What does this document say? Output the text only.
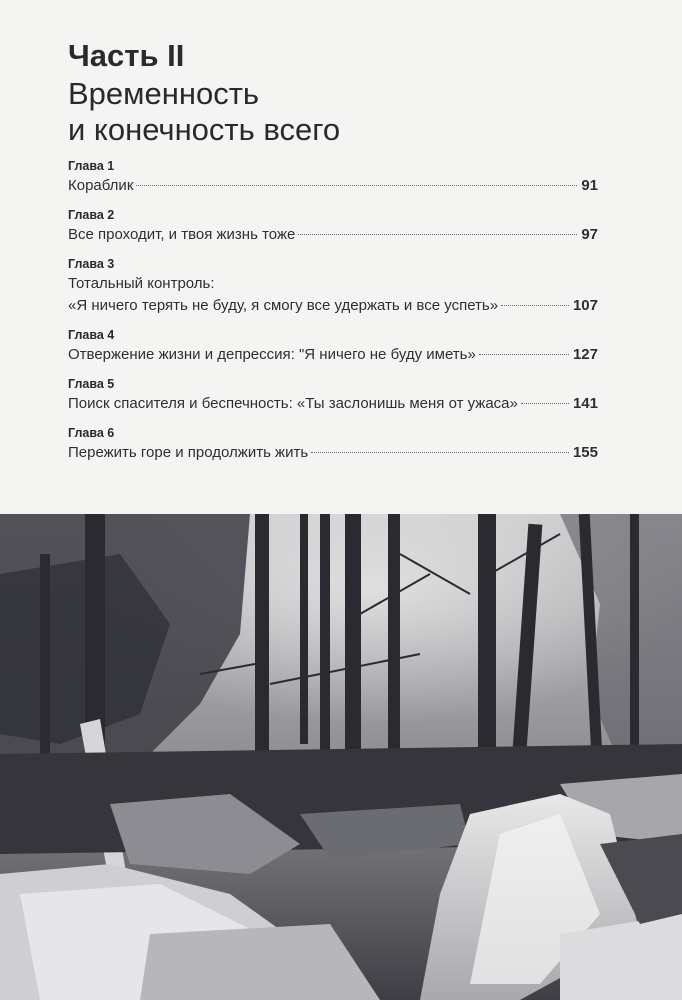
Часть II
Временность
и конечность всего
Глава 1
Кораблик	91
Глава 2
Все проходит, и твоя жизнь тоже	97
Глава 3
Тотальный контроль:
«Я ничего терять не буду, я смогу все удержать и все успеть»	107
Глава 4
Отвержение жизни и депрессия: "Я ничего не буду иметь»	127
Глава 5
Поиск спасителя и беспечность: «Ты заслонишь меня от ужаса»	141
Глава 6
Пережить горе и продолжить жить	155
